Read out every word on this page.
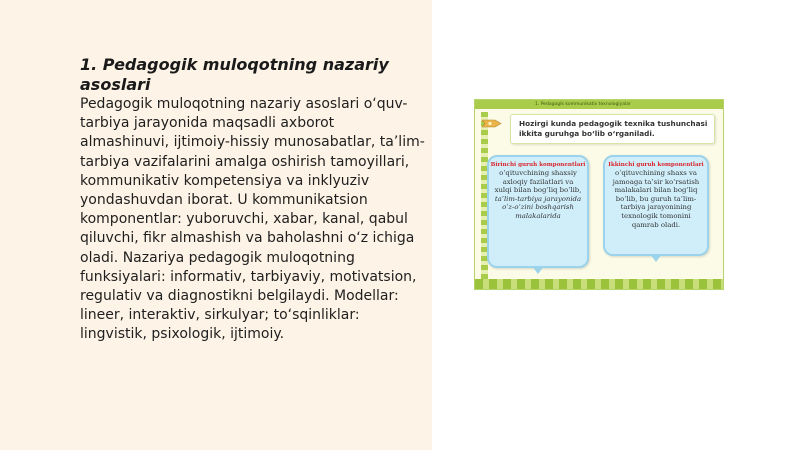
1. Pedagogik muloqotning nazariy asoslari

Pedagogik muloqotning nazariy asoslari o‘quv-tarbiya jarayonida maqsadli axborot almashinuvi, ijtimoiy-hissiy munosabatlar, ta’lim-tarbiya vazifalarini amalga oshirish tamoyillari, kommunikativ kompetensiya va inklyuziv yondashuvdan iborat. U kommunikatsion komponentlar: yuboruvchi, xabar, kanal, qabul qiluvchi, fikr almashish va baholashni o‘z ichiga oladi. Nazariya pedagogik muloqotning funksiyalari: informativ, tarbiyaviy, motivatsion, regulativ va diagnostikni belgilaydi. Modellar: lineer, interaktiv, sirkulyar; to‘sqinliklar: lingvistik, psixologik, ijtimoiy.

1. Pedagogik kommunikativ texnologiyalar

Hozirgi kunda pedagogik texnika tushunchasi ikkita guruhga bo‘lib o‘rganiladi.

Birinchi guruh komponentlari
o‘qituvchining shaxsiy axloqiy fazilatlari va xulqi bilan bog‘liq bo‘lib,
ta’lim-tarbiya jarayonida o‘z-o‘zini boshqarish malakalarida
Ikkinchi guruh komponentlari
o‘qituvchining shaxs va jamoaga ta’sir ko‘rsatish malakalari bilan bog‘liq bo‘lib, bu guruh ta’lim-tarbiya jarayonining texnologik tomonini qamrab oladi.
